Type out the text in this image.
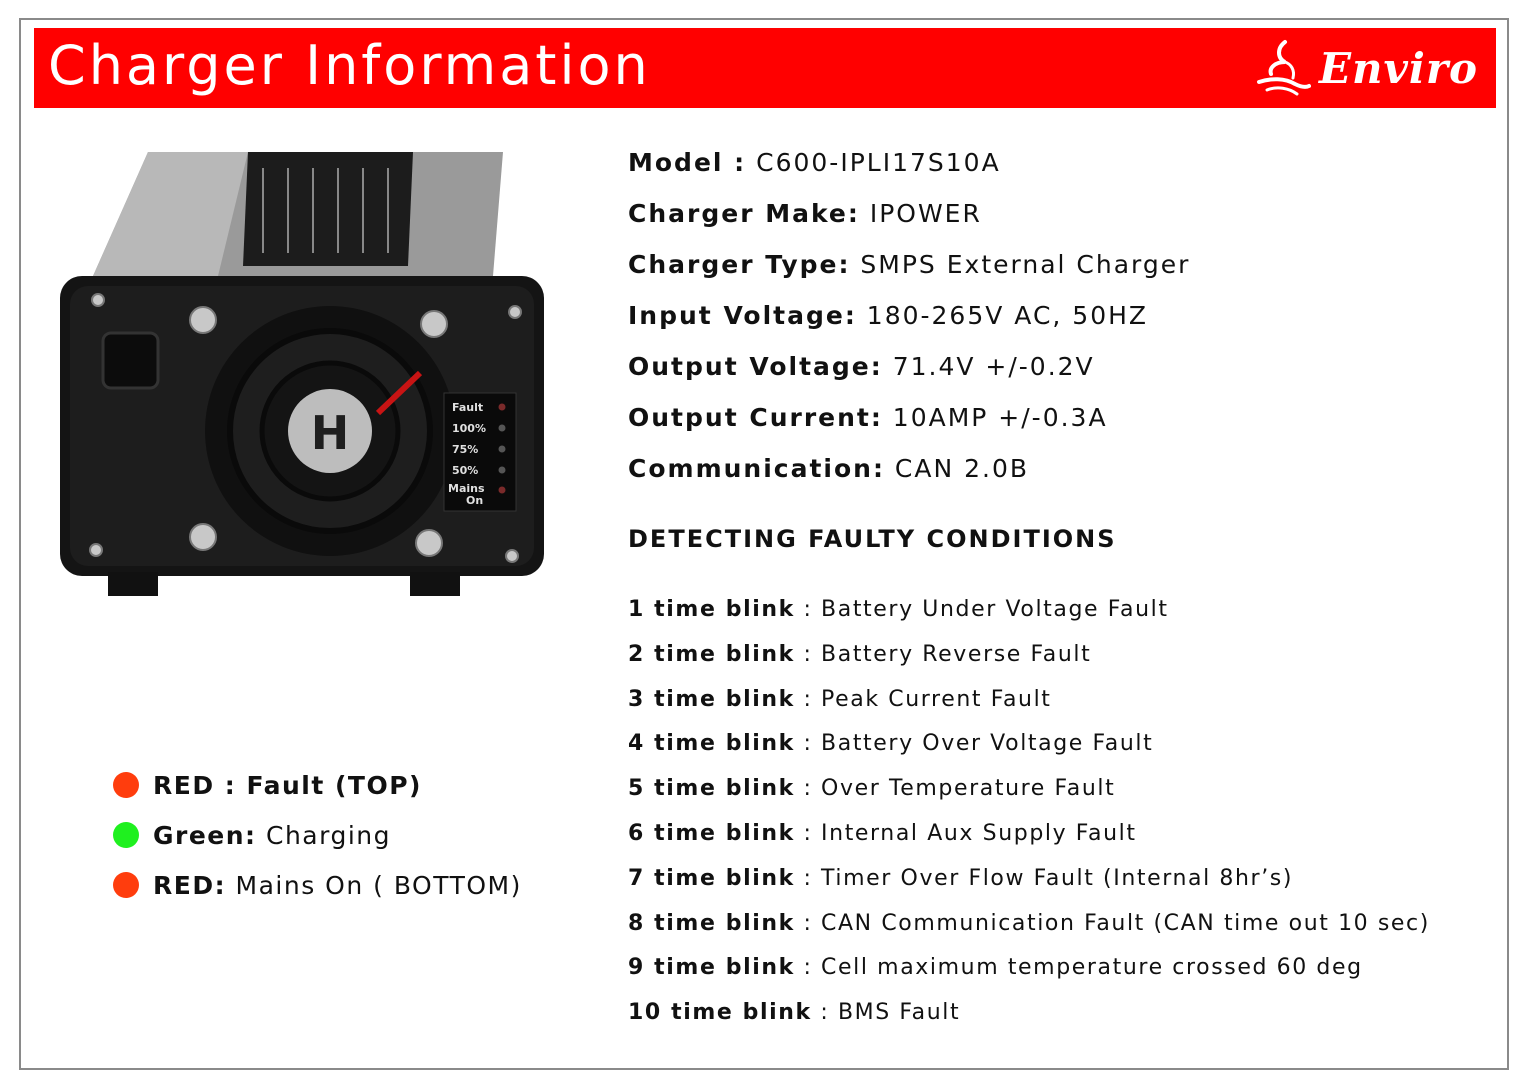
Charger Information	Enviro
H	Fault
100%
75%
50%
Mains
On
RED : Fault (TOP)
Green: Charging
RED: Mains On ( BOTTOM)
Model : C600-IPLI17S10A
Charger Make: IPOWER
Charger Type: SMPS External Charger
Input Voltage: 180-265V AC, 50HZ
Output Voltage: 71.4V +/-0.2V
Output Current: 10AMP +/-0.3A
Communication: CAN 2.0B
DETECTING FAULTY CONDITIONS
1 time blink : Battery Under Voltage Fault
2 time blink : Battery Reverse Fault
3 time blink : Peak Current Fault
4 time blink : Battery Over Voltage Fault
5 time blink : Over Temperature Fault
6 time blink : Internal Aux Supply Fault
7 time blink : Timer Over Flow Fault (Internal 8hr’s)
8 time blink : CAN Communication Fault (CAN time out 10 sec)
9 time blink : Cell maximum temperature crossed 60 deg
10 time blink : BMS Fault
